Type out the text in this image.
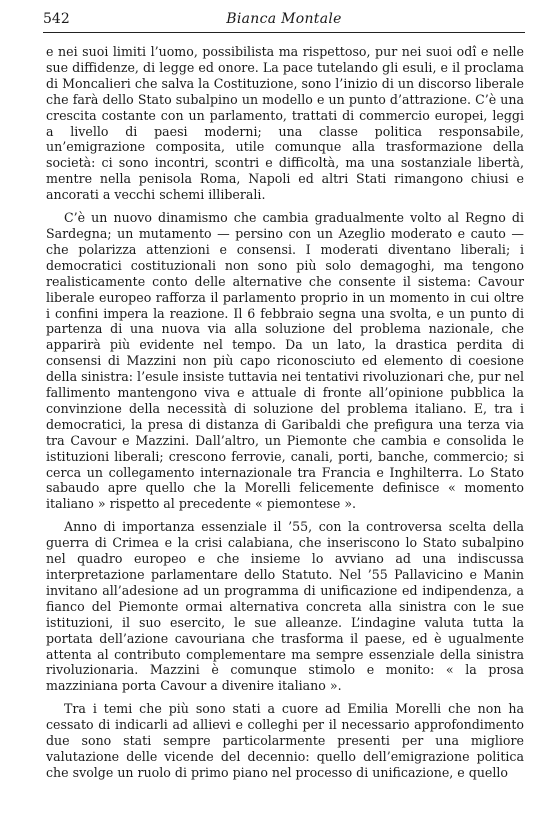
542	Bianca Montale

e nei suoi limiti l’uomo, possibilista ma rispettoso, pur nei suoi odî e nelle sue diffidenze, di legge ed onore. La pace tutelando gli esuli, e il proclama di Moncalieri che salva la Costituzione, sono l’inizio di un discorso liberale che farà dello Stato subalpino un modello e un punto d’attrazione. C’è una crescita costante con un parlamento, trattati di commercio europei, leggi a livello di paesi moderni; una classe politica responsabile, un’emigrazione composita, utile comunque alla trasformazione della società: ci sono incontri, scontri e difficoltà, ma una sostanziale libertà, mentre nella penisola Roma, Napoli ed altri Stati rimangono chiusi e ancorati a vecchi schemi illiberali.

C’è un nuovo dinamismo che cambia gradualmente volto al Regno di Sardegna; un mutamento — persino con un Azeglio moderato e cauto — che polarizza attenzioni e consensi. I moderati diventano liberali; i democratici costituzionali non sono più solo demagoghi, ma tengono realisticamente conto delle alternative che consente il sistema: Cavour liberale europeo rafforza il parlamento proprio in un momento in cui oltre i confini impera la reazione. Il 6 febbraio segna una svolta, e un punto di partenza di una nuova via alla soluzione del problema nazionale, che apparirà più evidente nel tempo. Da un lato, la drastica perdita di consensi di Mazzini non più capo riconosciuto ed elemento di coesione della sinistra: l’esule insiste tuttavia nei tentativi rivoluzionari che, pur nel fallimento mantengono viva e attuale di fronte all’opinione pubblica la convinzione della necessità di soluzione del problema italiano. E, tra i democratici, la presa di distanza di Garibaldi che prefigura una terza via tra Cavour e Mazzini. Dall’altro, un Piemonte che cambia e consolida le istituzioni liberali; crescono ferrovie, canali, porti, banche, commercio; si cerca un collegamento internazionale tra Francia e Inghilterra. Lo Stato sabaudo apre quello che la Morelli felicemente definisce « momento italiano » rispetto al precedente « piemontese ».

Anno di importanza essenziale il ’55, con la controversa scelta della guerra di Crimea e la crisi calabiana, che inseriscono lo Stato subalpino nel quadro europeo e che insieme lo avviano ad una indiscussa interpretazione parlamentare dello Statuto. Nel ’55 Pallavicino e Manin invitano all’adesione ad un programma di unificazione ed indipendenza, a fianco del Piemonte ormai alternativa concreta alla sinistra con le sue istituzioni, il suo esercito, le sue alleanze. L’indagine valuta tutta la portata dell’azione cavouriana che trasforma il paese, ed è ugualmente attenta al contributo complementare ma sempre essenziale della sinistra rivoluzionaria. Mazzini è comunque stimolo e monito: « la prosa mazziniana porta Cavour a divenire italiano ».

Tra i temi che più sono stati a cuore ad Emilia Morelli che non ha cessato di indicarli ad allievi e colleghi per il necessario approfondimento due sono stati sempre particolarmente presenti per una migliore valutazione delle vicende del decennio: quello dell’emigrazione politica che svolge un ruolo di primo piano nel processo di unificazione, e quello
